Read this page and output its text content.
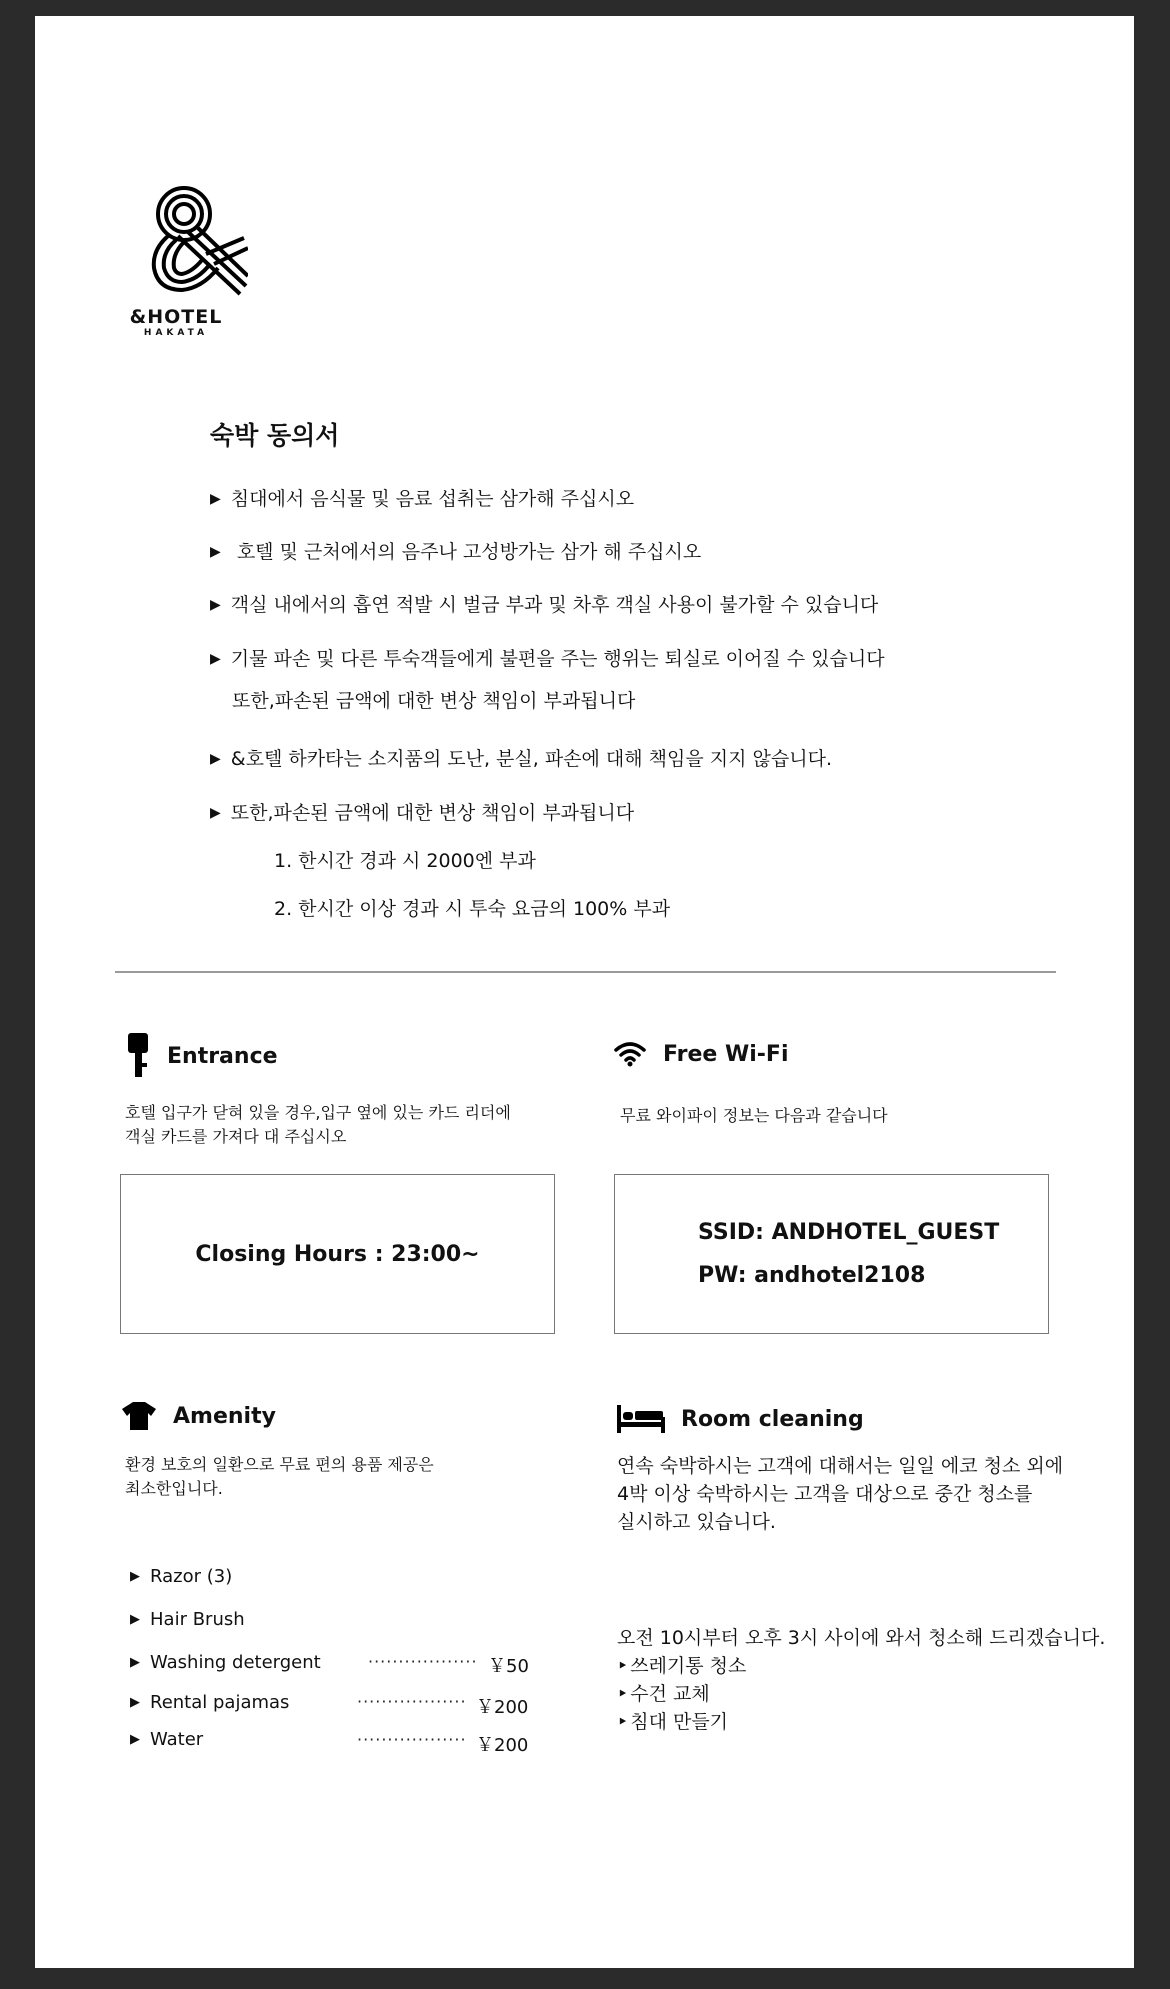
&HOTEL
HAKATA
숙박 동의서
▶ 침대에서 음식물 및 음료 섭취는 삼가해 주십시오
▶ 호텔 및 근처에서의 음주나 고성방가는 삼가 해 주십시오
▶ 객실 내에서의 흡연 적발 시 벌금 부과 및 차후 객실 사용이 불가할 수 있습니다
▶ 기물 파손 및 다른 투숙객들에게 불편을 주는 행위는 퇴실로 이어질 수 있습니다
또한,파손된 금액에 대한 변상 책임이 부과됩니다
▶ &호텔 하카타는 소지품의 도난, 분실, 파손에 대해 책임을 지지 않습니다.
▶ 또한,파손된 금액에 대한 변상 책임이 부과됩니다
1. 한시간 경과 시 2000엔 부과
2. 한시간 이상 경과 시 투숙 요금의 100% 부과
Entrance
호텔 입구가 닫혀 있을 경우,입구 옆에 있는 카드 리더에
객실 카드를 가져다 대 주십시오
Closing Hours : 23:00~
Free Wi-Fi
무료 와이파이 정보는 다음과 같습니다
SSID: ANDHOTEL_GUEST
PW: andhotel2108
Amenity
환경 보호의 일환으로 무료 편의 용품 제공은
최소한입니다.
▶ Razor (3)
▶ Hair Brush
▶ Washing detergent	·················· ￥50
▶ Rental pajamas	·················· ￥200
▶ Water	·················· ￥200
Room cleaning
연속 숙박하시는 고객에 대해서는 일일 에코 청소 외에
4박 이상 숙박하시는 고객을 대상으로 중간 청소를
실시하고 있습니다.
오전 10시부터 오후 3시 사이에 와서 청소해 드리겠습니다.
‣ 쓰레기통 청소
‣ 수건 교체
‣ 침대 만들기
